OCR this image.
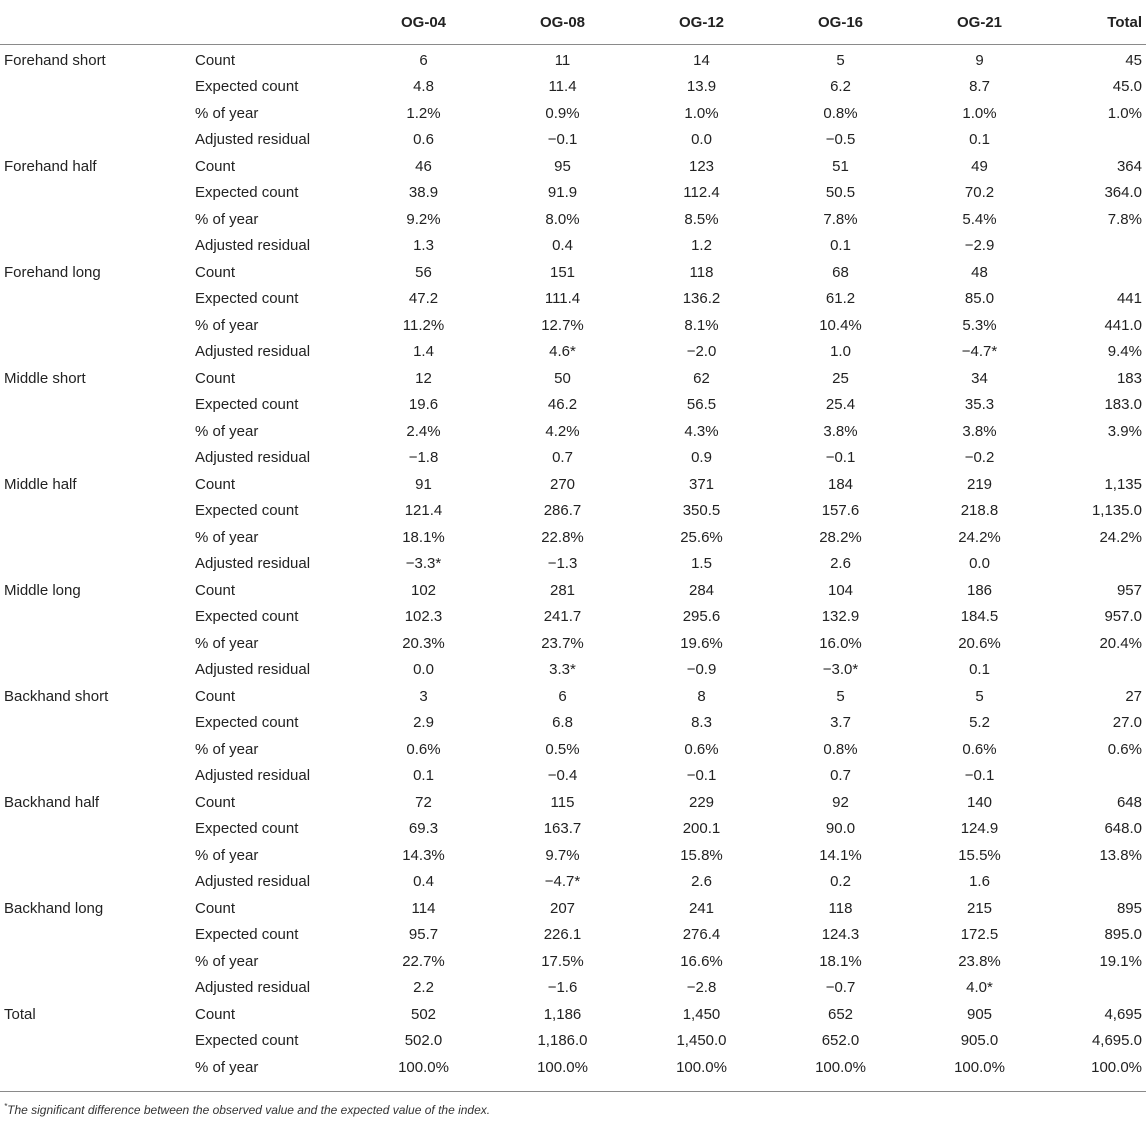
		OG-04	OG-08	OG-12	OG-16	OG-21	Total
Forehand short	Count	6	11	14	5	9	45
	Expected count	4.8	11.4	13.9	6.2	8.7	45.0
	% of year	1.2%	0.9%	1.0%	0.8%	1.0%	1.0%
	Adjusted residual	0.6	−0.1	0.0	−0.5	0.1	
Forehand half	Count	46	95	123	51	49	364
	Expected count	38.9	91.9	112.4	50.5	70.2	364.0
	% of year	9.2%	8.0%	8.5%	7.8%	5.4%	7.8%
	Adjusted residual	1.3	0.4	1.2	0.1	−2.9	
Forehand long	Count	56	151	118	68	48	
	Expected count	47.2	111.4	136.2	61.2	85.0	441
	% of year	11.2%	12.7%	8.1%	10.4%	5.3%	441.0
	Adjusted residual	1.4	4.6*	−2.0	1.0	−4.7*	9.4%
Middle short	Count	12	50	62	25	34	183
	Expected count	19.6	46.2	56.5	25.4	35.3	183.0
	% of year	2.4%	4.2%	4.3%	3.8%	3.8%	3.9%
	Adjusted residual	−1.8	0.7	0.9	−0.1	−0.2	
Middle half	Count	91	270	371	184	219	1,135
	Expected count	121.4	286.7	350.5	157.6	218.8	1,135.0
	% of year	18.1%	22.8%	25.6%	28.2%	24.2%	24.2%
	Adjusted residual	−3.3*	−1.3	1.5	2.6	0.0	
Middle long	Count	102	281	284	104	186	957
	Expected count	102.3	241.7	295.6	132.9	184.5	957.0
	% of year	20.3%	23.7%	19.6%	16.0%	20.6%	20.4%
	Adjusted residual	0.0	3.3*	−0.9	−3.0*	0.1	
Backhand short	Count	3	6	8	5	5	27
	Expected count	2.9	6.8	8.3	3.7	5.2	27.0
	% of year	0.6%	0.5%	0.6%	0.8%	0.6%	0.6%
	Adjusted residual	0.1	−0.4	−0.1	0.7	−0.1	
Backhand half	Count	72	115	229	92	140	648
	Expected count	69.3	163.7	200.1	90.0	124.9	648.0
	% of year	14.3%	9.7%	15.8%	14.1%	15.5%	13.8%
	Adjusted residual	0.4	−4.7*	2.6	0.2	1.6	
Backhand long	Count	114	207	241	118	215	895
	Expected count	95.7	226.1	276.4	124.3	172.5	895.0
	% of year	22.7%	17.5%	16.6%	18.1%	23.8%	19.1%
	Adjusted residual	2.2	−1.6	−2.8	−0.7	4.0*	
Total	Count	502	1,186	1,450	652	905	4,695
	Expected count	502.0	1,186.0	1,450.0	652.0	905.0	4,695.0
	% of year	100.0%	100.0%	100.0%	100.0%	100.0%	100.0%
*The significant difference between the observed value and the expected value of the index.
